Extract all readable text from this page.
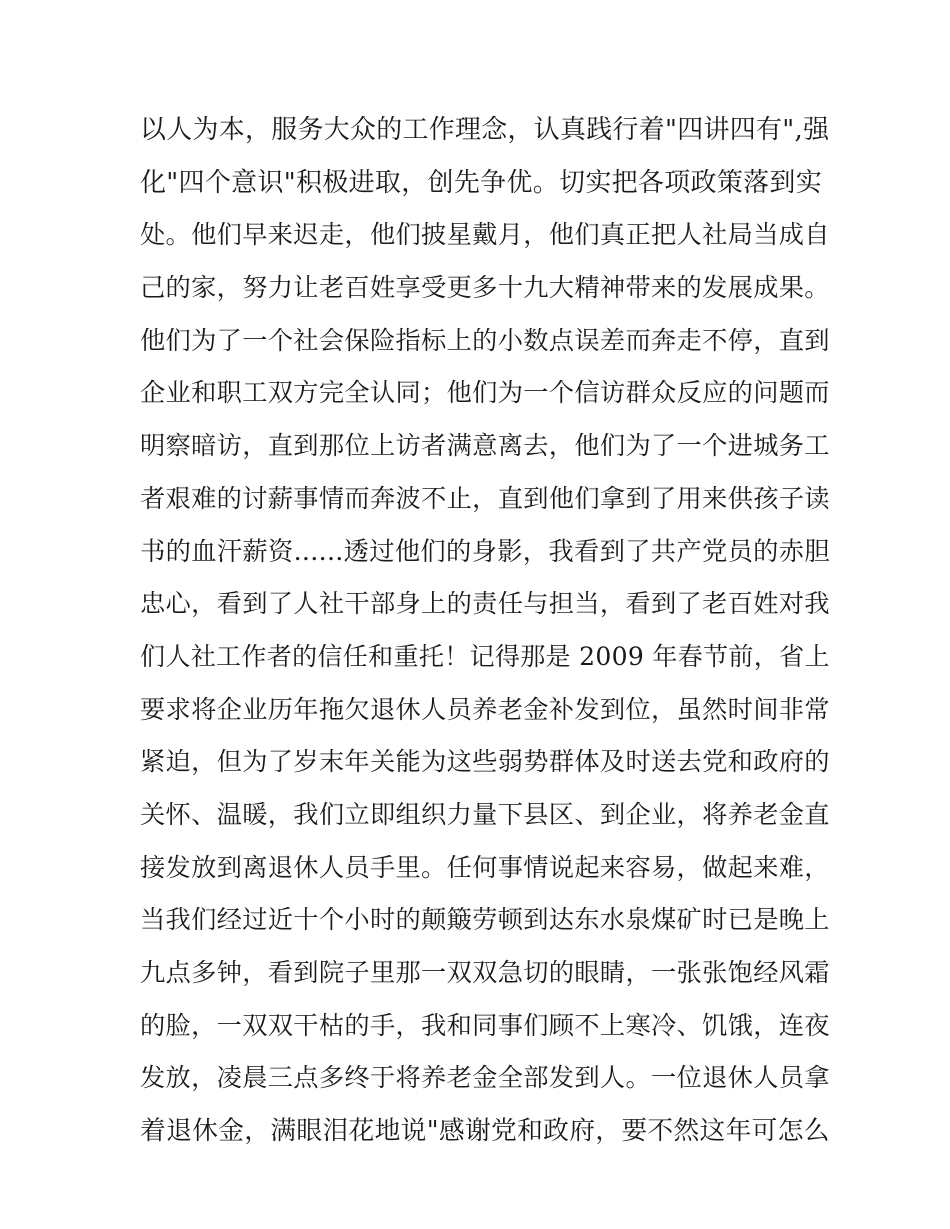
以人为本，服务大众的工作理念，认真践行着"四讲四有",强
化"四个意识"积极进取，创先争优。切实把各项政策落到实
处。他们早来迟走，他们披星戴月，他们真正把人社局当成自
己的家，努力让老百姓享受更多十九大精神带来的发展成果。
他们为了一个社会保险指标上的小数点误差而奔走不停，直到
企业和职工双方完全认同；他们为一个信访群众反应的问题而
明察暗访，直到那位上访者满意离去，他们为了一个进城务工
者艰难的讨薪事情而奔波不止，直到他们拿到了用来供孩子读
书的血汗薪资......透过他们的身影，我看到了共产党员的赤胆
忠心，看到了人社干部身上的责任与担当，看到了老百姓对我
们人社工作者的信任和重托！记得那是 2009 年春节前，省上
要求将企业历年拖欠退休人员养老金补发到位，虽然时间非常
紧迫，但为了岁末年关能为这些弱势群体及时送去党和政府的
关怀、温暖，我们立即组织力量下县区、到企业，将养老金直
接发放到离退休人员手里。任何事情说起来容易，做起来难，
当我们经过近十个小时的颠簸劳顿到达东水泉煤矿时已是晚上
九点多钟，看到院子里那一双双急切的眼睛，一张张饱经风霜
的脸，一双双干枯的手，我和同事们顾不上寒冷、饥饿，连夜
发放，凌晨三点多终于将养老金全部发到人。一位退休人员拿
着退休金，满眼泪花地说"感谢党和政府，要不然这年可怎么
